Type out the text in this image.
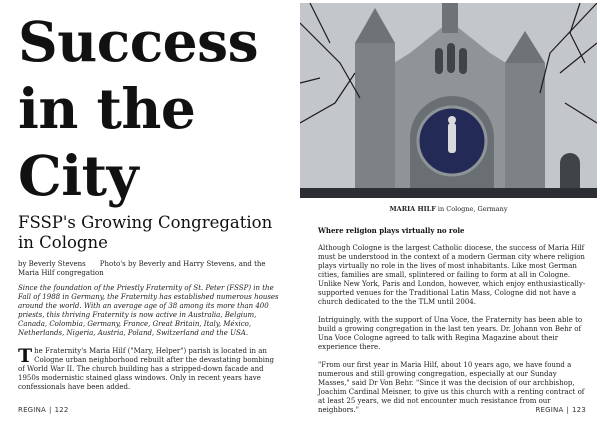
Success
in the
City
FSSP's Growing Congregation in Cologne
by Beverly Stevens Photo's by Beverly and Harry Stevens, and the Maria Hilf congregation
Since the foundation of the Priestly Fraternity of St. Peter (FSSP) in the Fall of 1988 in Germany, the Fraternity has established numerous houses around the world. With an average age of 38 among its more than 400 priests, this thriving Fraternity is now active in Australia, Belgium, Canada, Colombia, Germany, France, Great Britain, Italy, México, Netherlands, Nigeria, Austria, Poland, Switzerland and the USA.
The Fraternity's Maria Hilf ("Mary, Helper") parish is located in an Cologne urban neighborhood rebuilt after the devastating bombing of World War II. The church building has a stripped-down facade and 1950s modernistic stained glass windows. Only in recent years have confessionals have been added.
REGINA | 122
MARIA HILF in Cologne, Germany
Where religion plays virtually no role

Although Cologne is the largest Catholic diocese, the success of Maria Hilf must be understood in the context of a modern German city where religion plays virtually no role in the lives of most inhabitants. Like most German cities, families are small, splintered or failing to form at all in Cologne. Unlike New York, Paris and London, however, which enjoy enthusiastically-supported venues for the Traditional Latin Mass, Cologne did not have a church dedicated to the the TLM until 2004.

Intriguingly, with the support of Una Voce, the Fraternity has been able to build a growing congregation in the last ten years. Dr. Johann von Behr of Una Voce Cologne agreed to talk with Regina Magazine about their experience there.

"From our first year in Maria Hilf, about 10 years ago, we have found a numerous and still growing congregation, especially at our Sunday Masses," said Dr Von Behr. "Since it was the decision of our archbishop, Joachim Cardinal Meisner, to give us this church with a renting contract of at least 25 years, we did not encounter much resistance from our neighbors."	REGINA | 123
